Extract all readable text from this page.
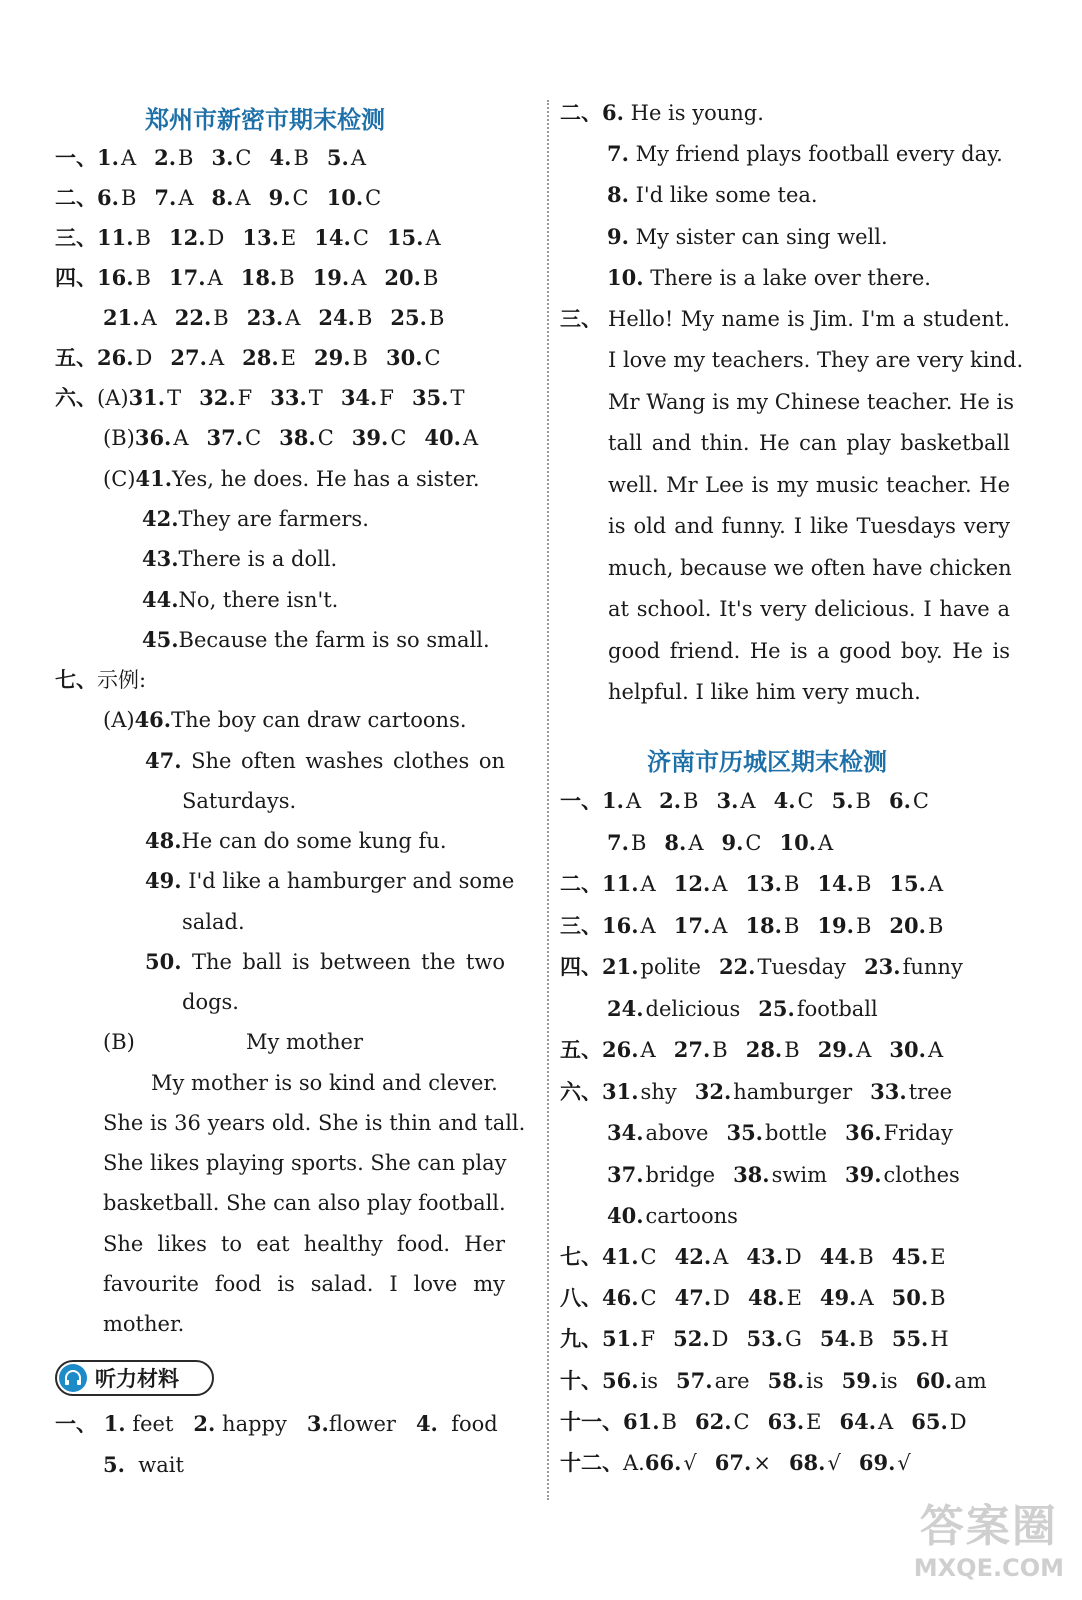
郑州市新密市期末检测
一、1.A 2.B 3.C 4.B 5.A
二、6.B 7.A 8.A 9.C 10.C
三、11.B 12.D 13.E 14.C 15.A
四、16.B 17.A 18.B 19.A 20.B
21.A 22.B 23.A 24.B 25.B
五、26.D 27.A 28.E 29.B 30.C
六、(A)31.T 32.F 33.T 34.F 35.T
(B)36.A 37.C 38.C 39.C 40.A
(C)41.Yes, he does. He has a sister.
42.They are farmers.
43.There is a doll.
44.No, there isn't.
45.Because the farm is so small.
七、示例:
(A)46.The boy can draw cartoons.
47. She often washes clothes on
Saturdays.
48.He can do some kung fu.
49. I'd like a hamburger and some
salad.
50. The ball is between the two
dogs.
(B)	My mother
My mother is so kind and clever.
She is 36 years old. She is thin and tall.
She likes playing sports. She can play
basketball. She can also play football.
She likes to eat healthy food. Her
favourite food is salad. I love my
mother.
听力材料
一、 1. feet 2. happy 3.flower 4. food
5. wait
二、6. He is young.
7. My friend plays football every day.
8. I'd like some tea.
9. My sister can sing well.
10. There is a lake over there.
三、 Hello! My name is Jim. I'm a student.
I love my teachers. They are very kind.
Mr Wang is my Chinese teacher. He is
tall and thin. He can play basketball
well. Mr Lee is my music teacher. He
is old and funny. I like Tuesdays very
much, because we often have chicken
at school. It's very delicious. I have a
good friend. He is a good boy. He is
helpful. I like him very much.
济南市历城区期末检测
一、1.A 2.B 3.A 4.C 5.B 6.C
7.B 8.A 9.C 10.A
二、11.A 12.A 13.B 14.B 15.A
三、16.A 17.A 18.B 19.B 20.B
四、21.polite 22.Tuesday 23.funny
24.delicious 25.football
五、26.A 27.B 28.B 29.A 30.A
六、31.shy 32.hamburger 33.tree
34.above 35.bottle 36.Friday
37.bridge 38.swim 39.clothes
40.cartoons
七、41.C 42.A 43.D 44.B 45.E
八、46.C 47.D 48.E 49.A 50.B
九、51.F 52.D 53.G 54.B 55.H
十、56.is 57.are 58.is 59.is 60.am
十一、61.B 62.C 63.E 64.A 65.D
十二、A.66.√ 67.× 68.√ 69.√
答案圈
MXQE.COM
